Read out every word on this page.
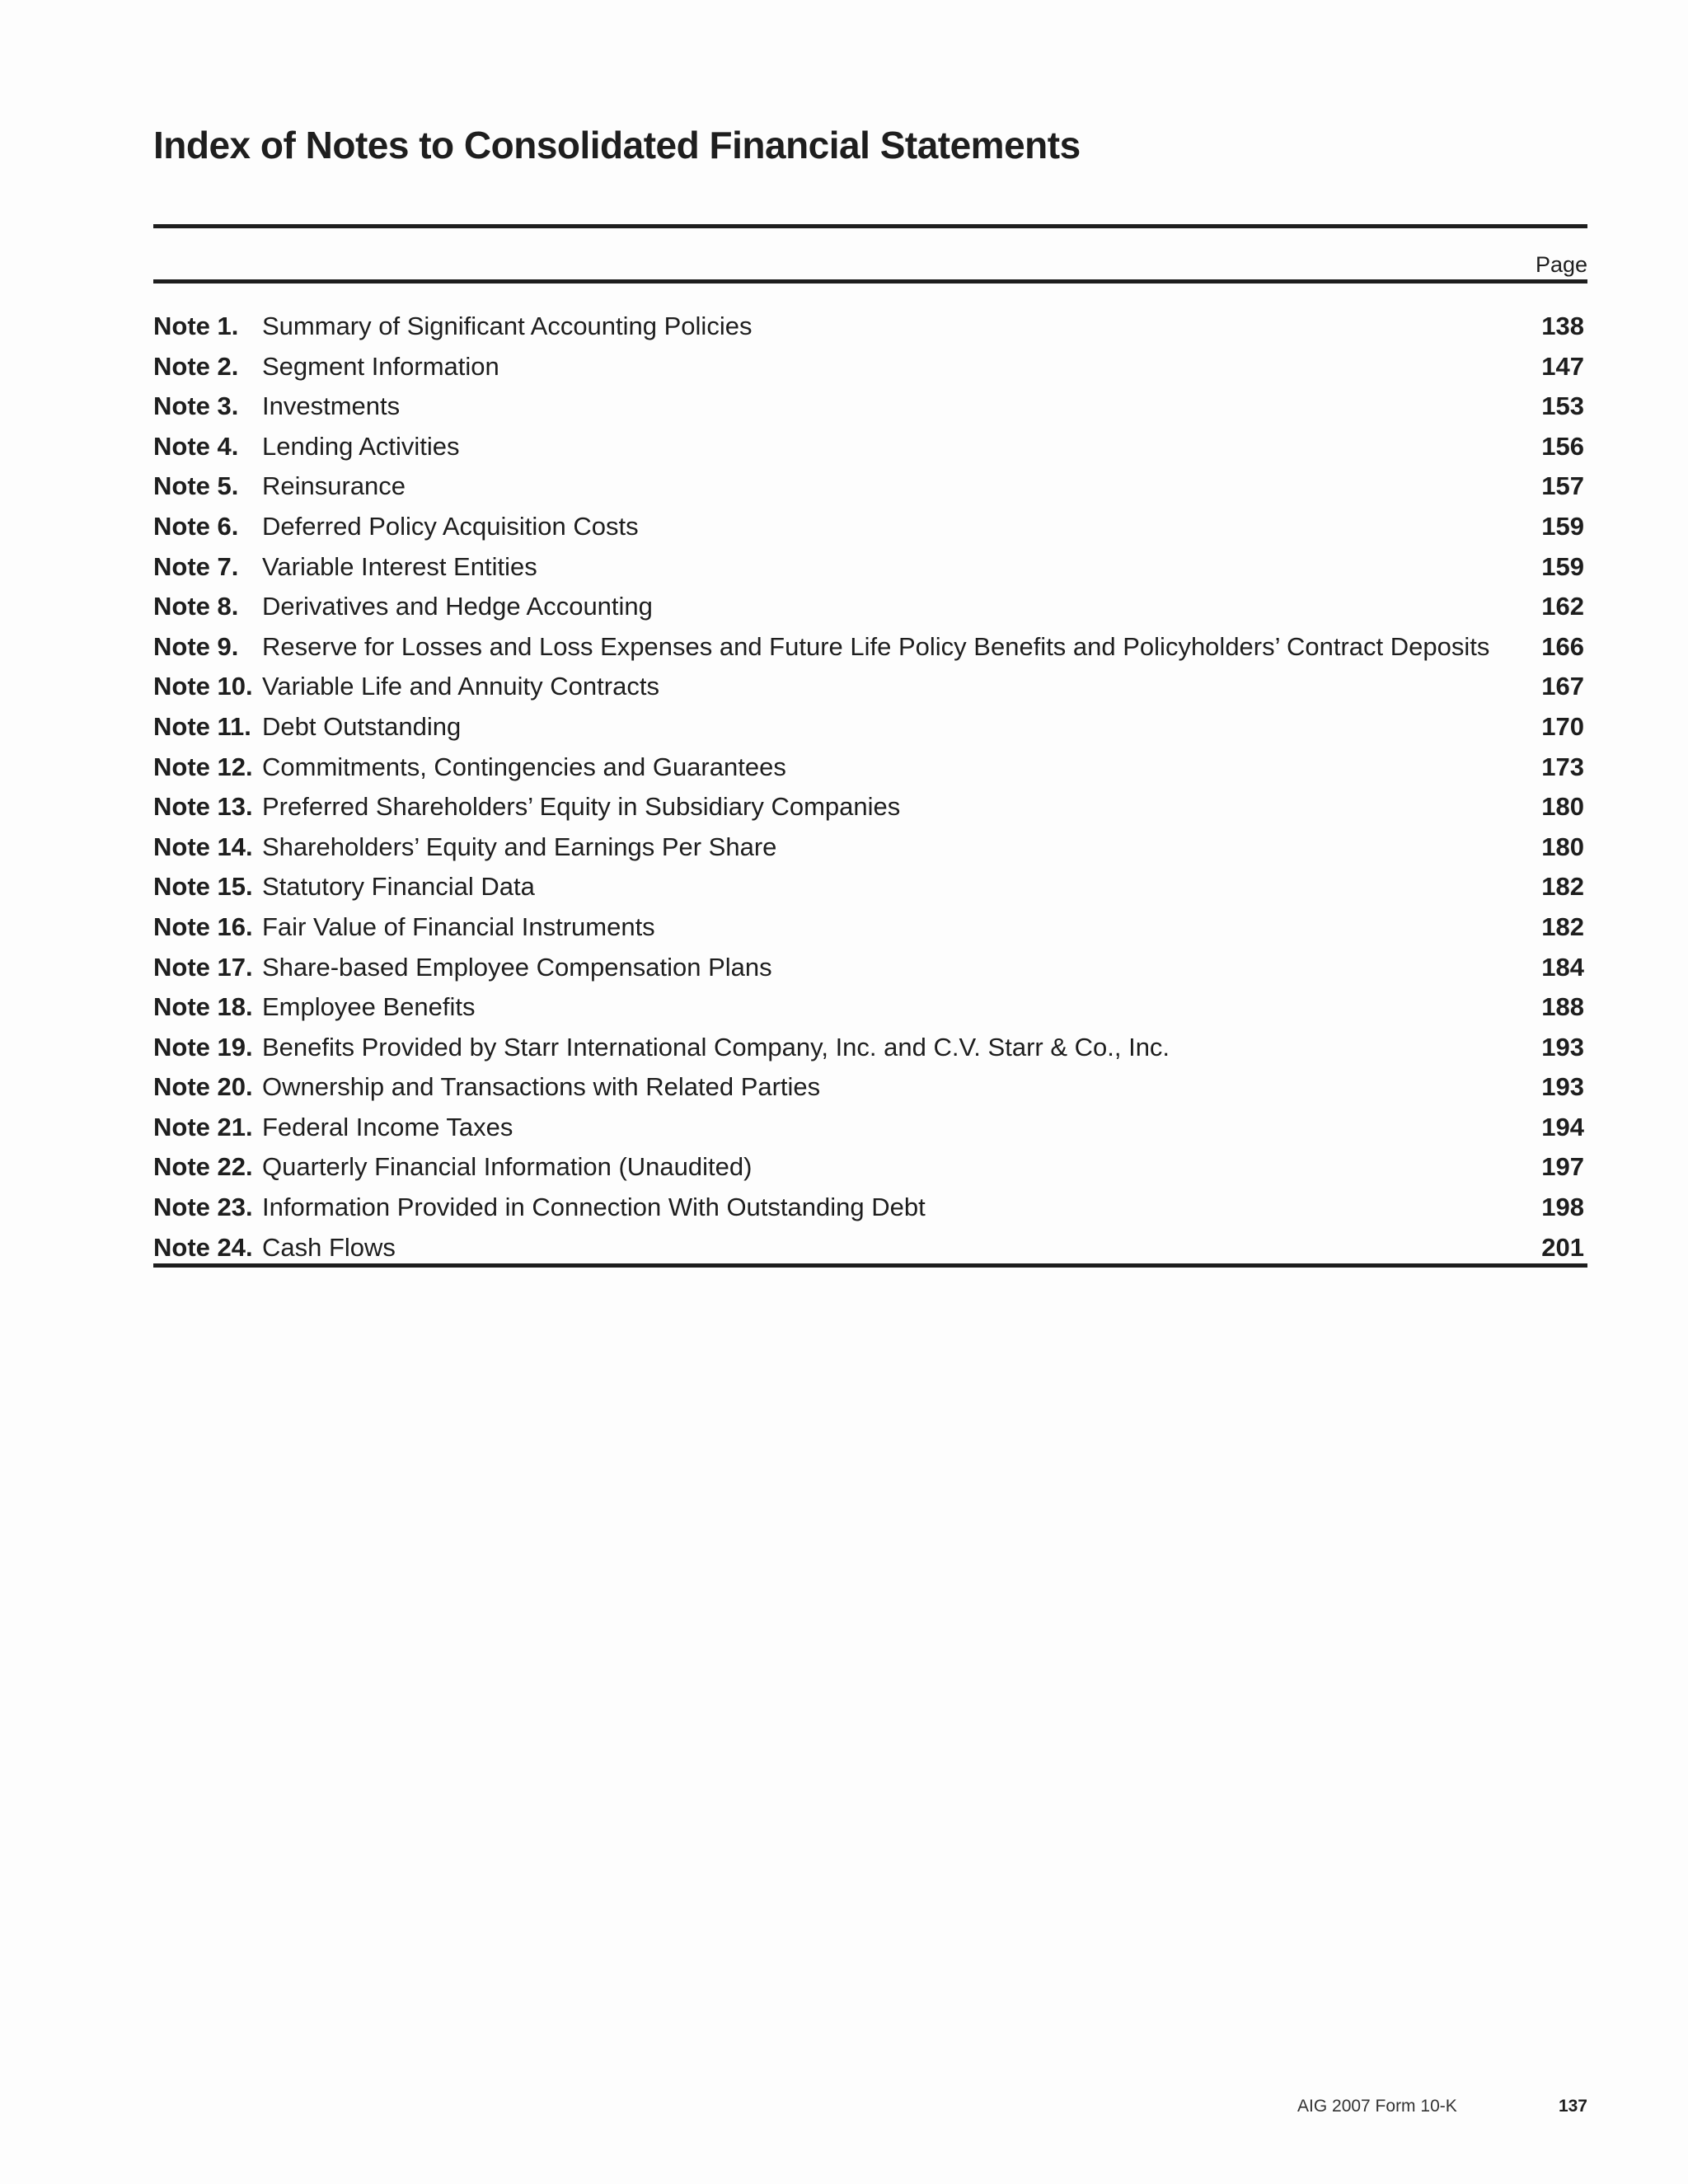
Index of Notes to Consolidated Financial Statements
Page
Note 1. Summary of Significant Accounting Policies	138
Note 2. Segment Information	147
Note 3. Investments	153
Note 4. Lending Activities	156
Note 5. Reinsurance	157
Note 6. Deferred Policy Acquisition Costs	159
Note 7. Variable Interest Entities	159
Note 8. Derivatives and Hedge Accounting	162
Note 9. Reserve for Losses and Loss Expenses and Future Life Policy Benefits and Policyholders’ Contract Deposits 166
Note 10. Variable Life and Annuity Contracts	167
Note 11. Debt Outstanding	170
Note 12. Commitments, Contingencies and Guarantees	173
Note 13. Preferred Shareholders’ Equity in Subsidiary Companies	180
Note 14. Shareholders’ Equity and Earnings Per Share	180
Note 15. Statutory Financial Data	182
Note 16. Fair Value of Financial Instruments	182
Note 17. Share-based Employee Compensation Plans	184
Note 18. Employee Benefits	188
Note 19. Benefits Provided by Starr International Company, Inc. and C.V. Starr & Co., Inc.	193
Note 20. Ownership and Transactions with Related Parties	193
Note 21. Federal Income Taxes	194
Note 22. Quarterly Financial Information (Unaudited)	197
Note 23. Information Provided in Connection With Outstanding Debt	198
Note 24. Cash Flows	201
AIG 2007 Form 10-K	137
